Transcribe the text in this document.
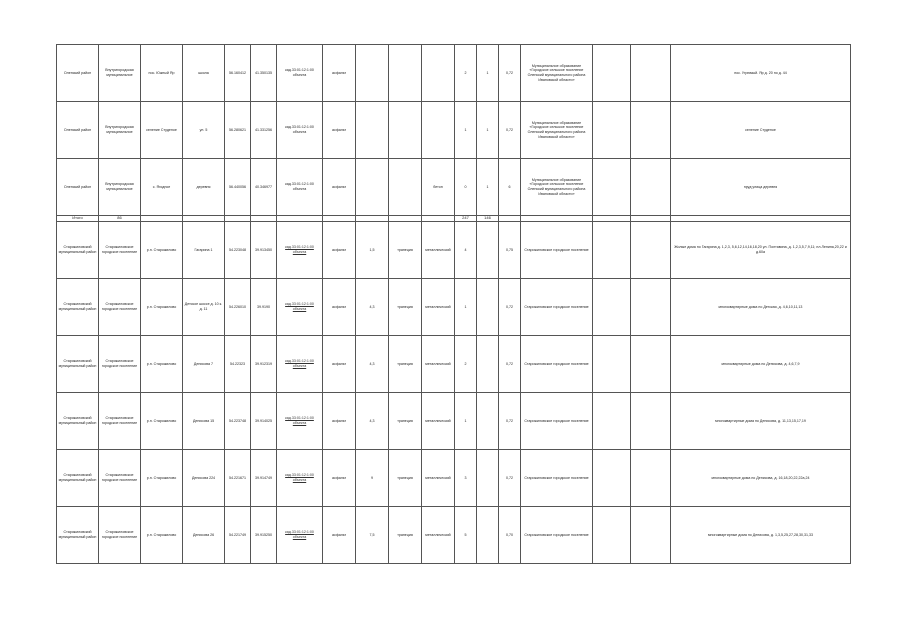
Оленский район	Внутригородская муниципальное	пос. Южный Яр	школа	56.160412	41.350135	кад.33:01:12:1:00 объекта	асфальт				2	1	0,72	Муниципальное образование «Городское сельское поселение Оленский муниципального района Ивановской области»			пос. Угрюмый. Яр д. 20 по д. 44
Оленский район	Внутригородская муниципальное	селение Студеное	ул. 5	56.280621	41.331256	кад.33:01:12:1:00 объекта	асфальт				1	1	0,72	Муниципальное образование «Городское сельское поселение Оленский муниципального района Ивановской области»			селение Студеное
Оленский район	Внутригородская муниципальное	с. Ягодное	деревня	56.440056	40.346977	кад.33:01:12:1:00 объекта	асфальт			бетон	0	1	6	Муниципальное образование «Городское сельское поселение Оленский муниципального района Ивановской области»			пруд улица деревня
Итого	86										247	146					
Старожиловский муниципальный район	Старожиловское городское поселение	р.п. Старожилово	Гагарина 1	54.223048	39.913450	кад.33:01:12:1:00 объекта	асфальт	1,5	трапеция	металлический	4		0,75	Старожиловское городское поселение			Жилые дома по Гагарина д. 1,2,3, 5,6,12,14,16,18,20 ул. Полтавина, д. 1,2,3,5,7,9,11; пл.Ленина,20,22 и д.60а
Старожиловский муниципальный район	Старожиловское городское поселение	р.п. Старожилово	Детское шоссе д. 10 к. д. 11	54.226010	39.9190	кад.33:01:12:1:00 объекта	асфальт	4,3	трапеция	металлический	1		0,72	Старожиловское городское поселение			многоквартирные дома по Детская, д. 4,6,10,11,13
Старожиловский муниципальный район	Старожиловское городское поселение	р.п. Старожилово	Денисова 7	54.22323	39.912319	кад.33:01:12:1:00 объекта	асфальт	4,3	трапеция	металлический	2		0,72	Старожиловское городское поселение			многоквартирные дома по Денисова, д. 4,6,7,9
Старожиловский муниципальный район	Старожиловское городское поселение	р.п. Старожилово	Денисова 15	54.223748	39.914025	кад.33:01:12:1:00 объекта	асфальт	4,3	трапеция	металлический	1		0,72	Старожиловское городское поселение			многоквартирные дома по Денисова, д. 11,13,15,17,19
Старожиловский муниципальный район	Старожиловское городское поселение	р.п. Старожилово	Денисова 224	54.221671	39.914749	кад.33:01:12:1:00 объекта	асфальт	9	трапеция	металлический	3		0,72	Старожиловское городское поселение			многоквартирные дома по Денисова, д. 16,18,20,22,22а,24
Старожиловский муниципальный район	Старожиловское городское поселение	р.п. Старожилово	Денисова 26	54.221749	39.915250	кад.33:01:12:1:00 объекта	асфальт	7,5	трапеция	металлический	5		0,70	Старожиловское городское поселение			многоквартирные дома по Денисова, д. 1,3,5,25,27,28,30,31,33
